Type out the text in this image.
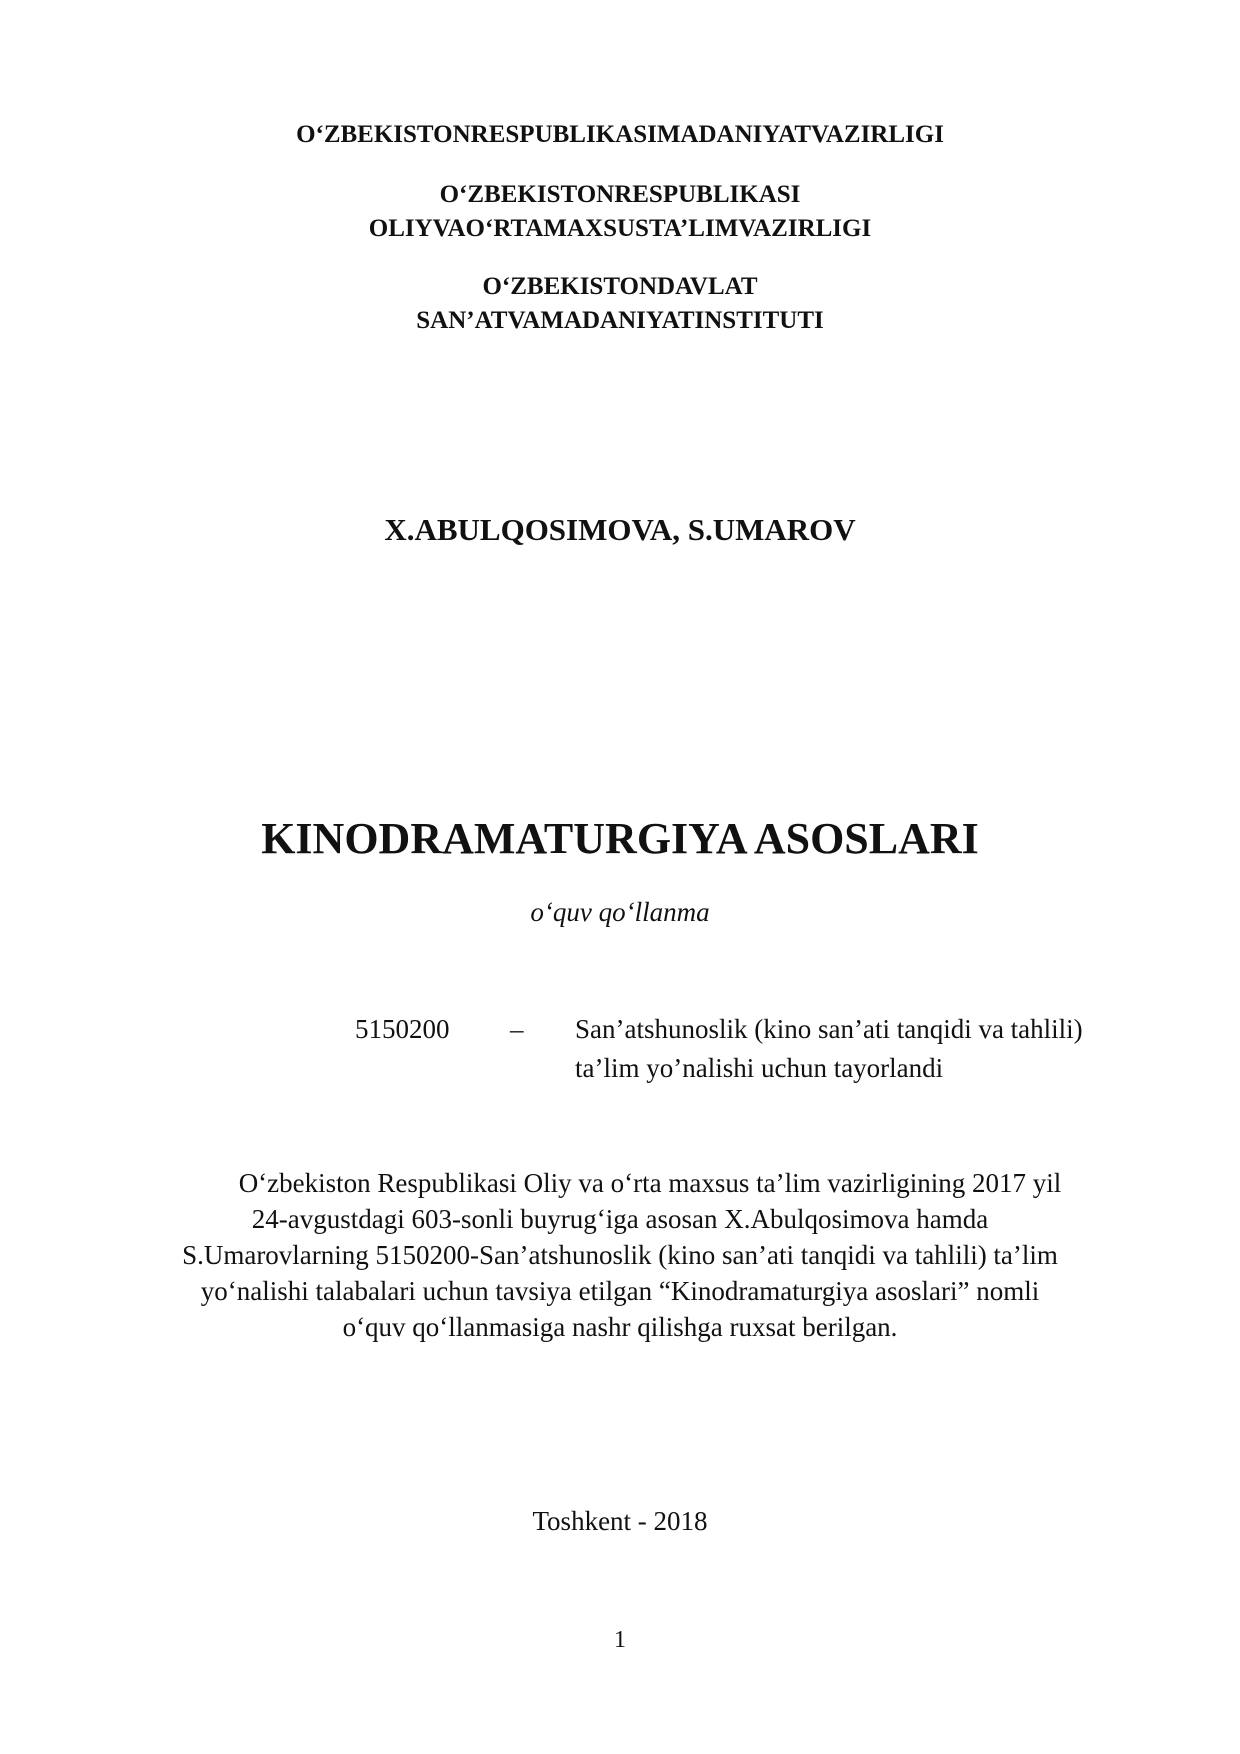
O‘ZBEKISTONRESPUBLIKASIMADANIYATVAZIRLIGI
O‘ZBEKISTONRESPUBLIKASI
OLIYVAO‘RTAMAXSUSTA’LIMVAZIRLIGI
O‘ZBEKISTONDAVLAT
SAN’ATVAMADANIYATINSTITUTI
X.ABULQOSIMOVA, S.UMAROV
KINODRAMATURGIYA ASOSLARI
o‘quv qo‘llanma
5150200 – San’atshunoslik (kino san’ati tanqidi va tahlili)
ta’lim yo’nalishi uchun tayorlandi
O‘zbekiston Respublikasi Oliy va o‘rta maxsus ta’lim vazirligining 2017 yil
24-avgustdagi 603-sonli buyrug‘iga asosan X.Abulqosimova hamda
S.Umarovlarning 5150200-San’atshunoslik (kino san’ati tanqidi va tahlili) ta’lim
yo‘nalishi talabalari uchun tavsiya etilgan “Kinodramaturgiya asoslari” nomli
o‘quv qo‘llanmasiga nashr qilishga ruxsat berilgan.
Toshkent - 2018
1
